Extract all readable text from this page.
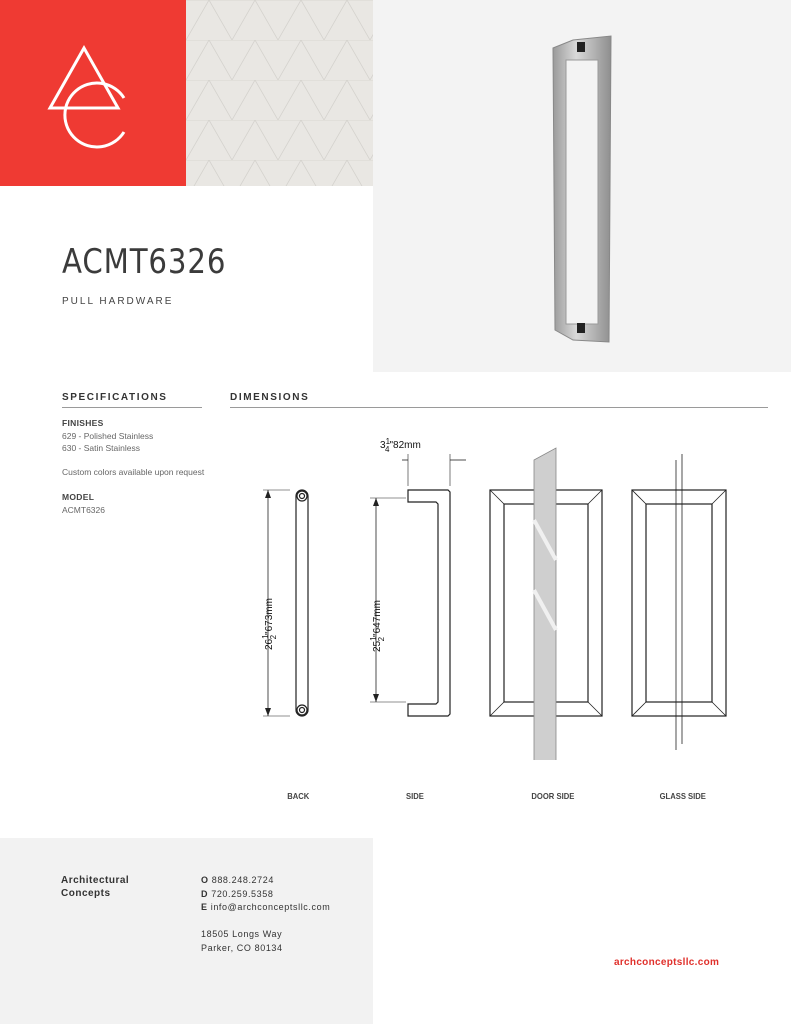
ACMT6326
PULL HARDWARE
SPECIFICATIONS
FINISHES
629 - Polished Stainless
630 - Satin Stainless
Custom colors available upon request
MODEL
ACMT6326
DIMENSIONS
$26^12"673mm$
$25^12"647mm$
$3^1$ 4"82mm
BACK	SIDE	DOOR SIDE	GLASS SIDE
Architectural
Concepts
O 888.248.2724
D 720.259.5358
E info@archconceptsllc.com
18505 Longs Way
Parker, CO 80134
archconceptsllc.com
